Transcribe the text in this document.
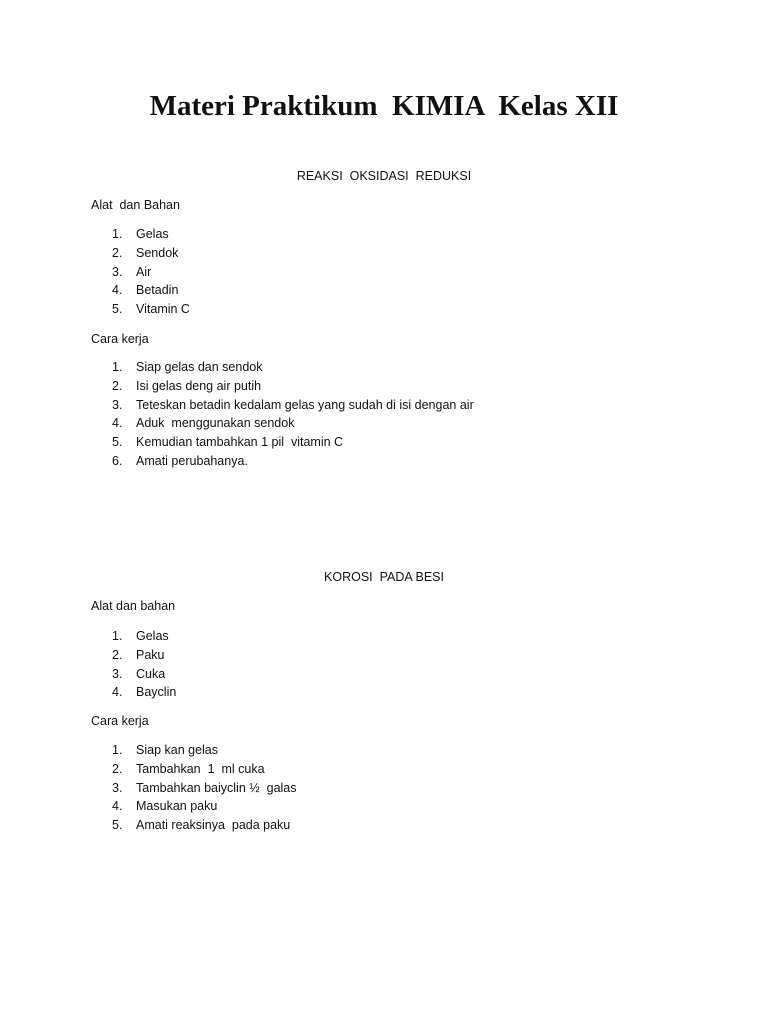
Materi Praktikum  KIMIA  Kelas XII
REAKSI  OKSIDASI  REDUKSI
Alat  dan Bahan
1. Gelas
2. Sendok
3. Air
4. Betadin
5. Vitamin C
Cara kerja
1. Siap gelas dan sendok
2. Isi gelas deng air putih
3. Teteskan betadin kedalam gelas yang sudah di isi dengan air
4. Aduk  menggunakan sendok
5. Kemudian tambahkan 1 pil  vitamin C
6. Amati perubahanya.
KOROSI  PADA BESI
Alat dan bahan
1. Gelas
2. Paku
3. Cuka
4. Bayclin
Cara kerja
1. Siap kan gelas
2. Tambahkan  1  ml cuka
3. Tambahkan baiyclin ½  galas
4. Masukan paku
5. Amati reaksinya  pada paku
